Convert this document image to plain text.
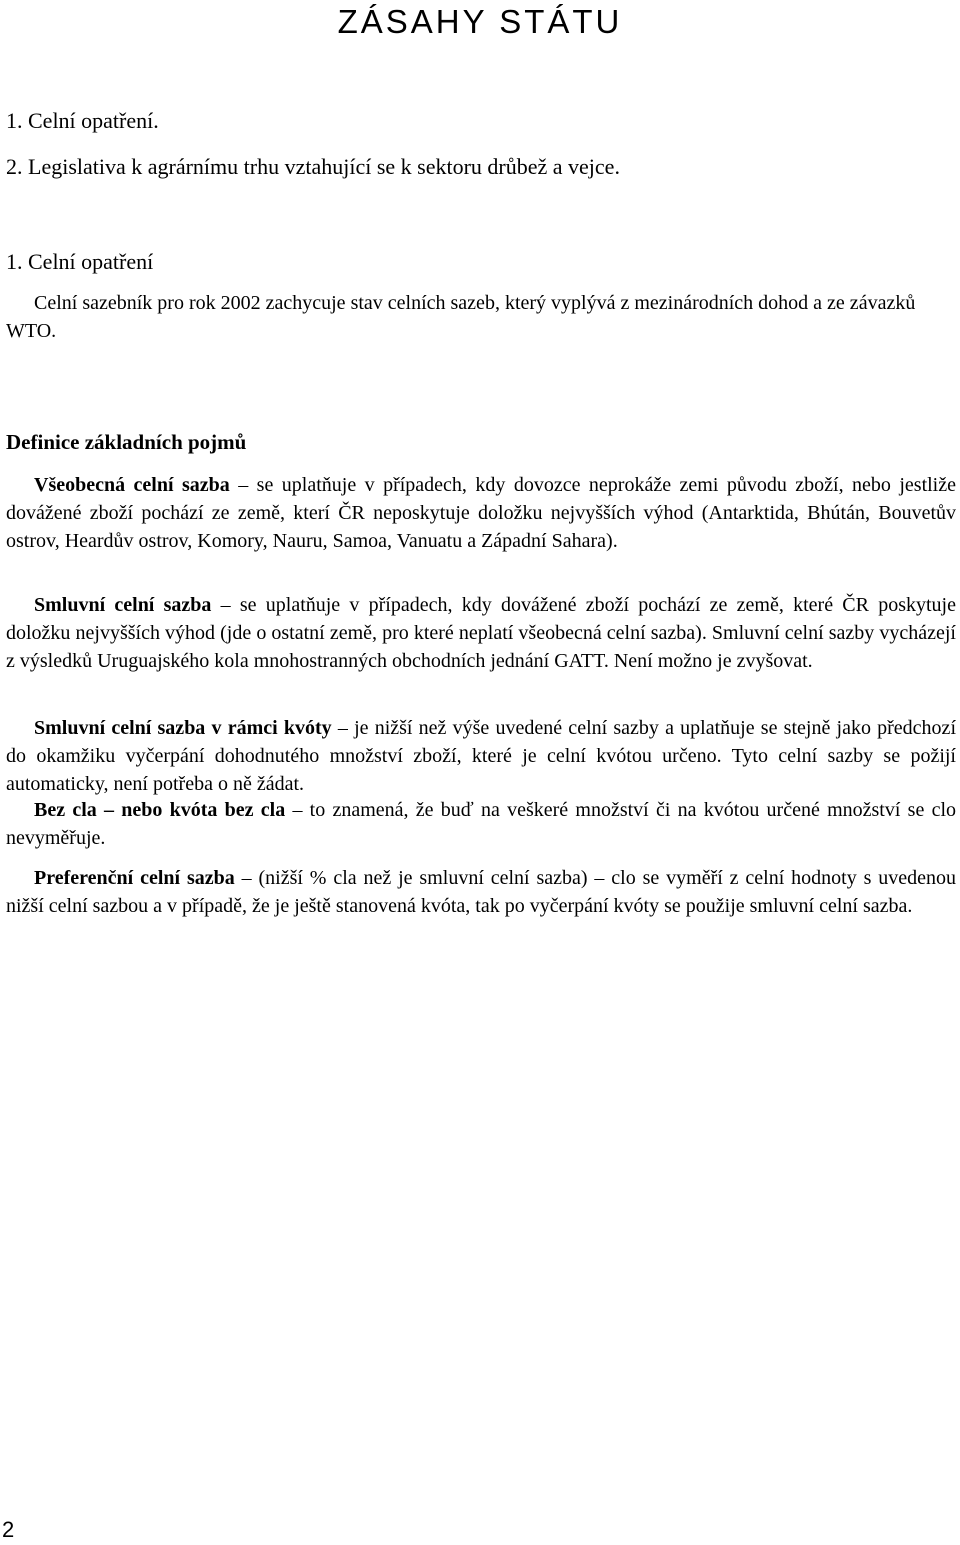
ZÁSAHY STÁTU

1. Celní opatření.

2. Legislativa k agrárnímu trhu vztahující se k sektoru drůbež a vejce.

1. Celní opatření

Celní sazebník pro rok 2002 zachycuje stav celních sazeb, který vyplývá z mezinárodních dohod a ze závazků WTO.

Definice základních pojmů

Všeobecná celní sazba – se uplatňuje v případech, kdy dovozce neprokáže zemi původu zboží, nebo jestliže dovážené zboží pochází ze země, kterí ČR neposkytuje doložku nejvyšších výhod (Antarktida, Bhútán, Bouvetův ostrov, Heardův ostrov, Komory, Nauru, Samoa, Vanuatu a Západní Sahara).

Smluvní celní sazba – se uplatňuje v případech, kdy dovážené zboží pochází ze země, které ČR poskytuje doložku nejvyšších výhod (jde o ostatní země, pro které neplatí všeobecná celní sazba). Smluvní celní sazby vycházejí z výsledků Uruguajského kola mnohostranných obchodních jednání GATT. Není možno je zvyšovat.

Smluvní celní sazba v rámci kvóty – je nižší než výše uvedené celní sazby a uplatňuje se stejně jako předchozí do okamžiku vyčerpání dohodnutého množství zboží, které je celní kvótou určeno. Tyto celní sazby se požijí automaticky, není potřeba o ně žádat.

Bez cla – nebo kvóta bez cla – to znamená, že buď na veškeré množství či na kvótou určené množství se clo nevyměřuje.

Preferenční celní sazba – (nižší % cla než je smluvní celní sazba) – clo se vyměří z celní hodnoty s uvedenou nižší celní sazbou a v případě, že je ještě stanovená kvóta, tak po vyčerpání kvóty se použije smluvní celní sazba.

2
